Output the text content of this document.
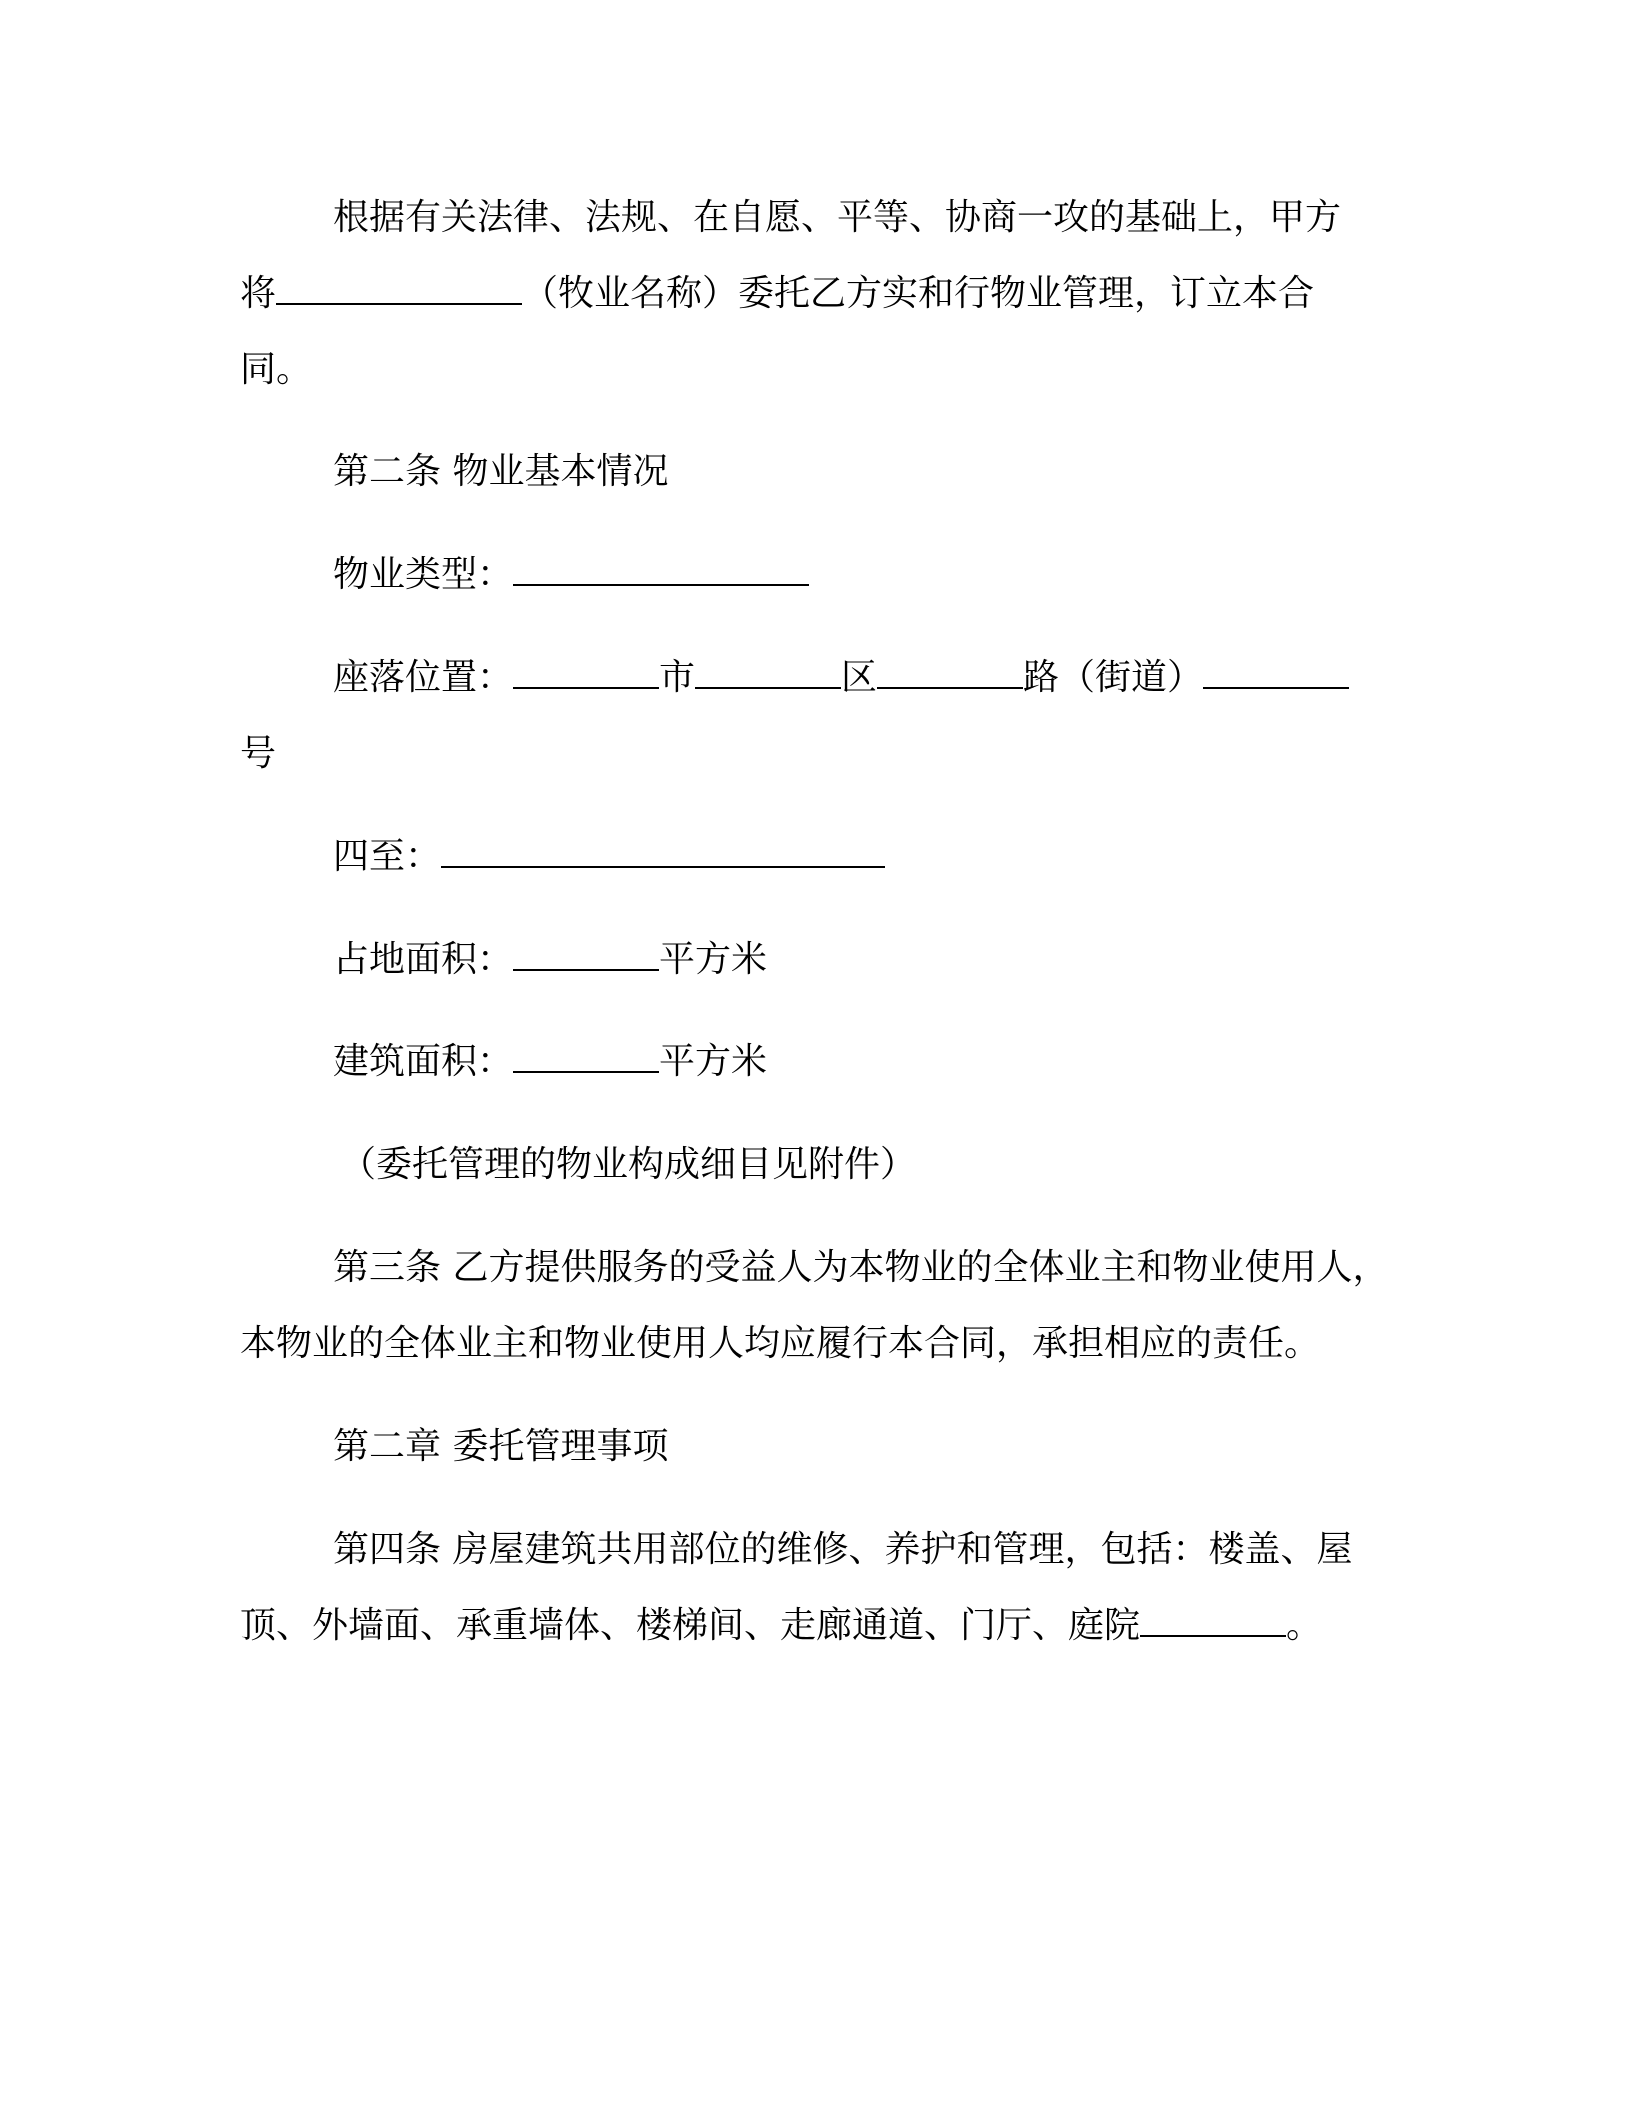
根据有关法律、法规、在自愿、平等、协商一攻的基础上，甲方
将	（牧业名称）委托乙方实和行物业管理，订立本合
同。
第二条 物业基本情况
物业类型：
座落位置：	市	区	路（街道）
号
四至：
占地面积：	平方米
建筑面积：	平方米
（委托管理的物业构成细目见附件）
第三条 乙方提供服务的受益人为本物业的全体业主和物业使用人，
本物业的全体业主和物业使用人均应履行本合同，承担相应的责任。
第二章 委托管理事项
第四条 房屋建筑共用部位的维修、养护和管理，包括：楼盖、屋
顶、外墙面、承重墙体、楼梯间、走廊通道、门厅、庭院	。
